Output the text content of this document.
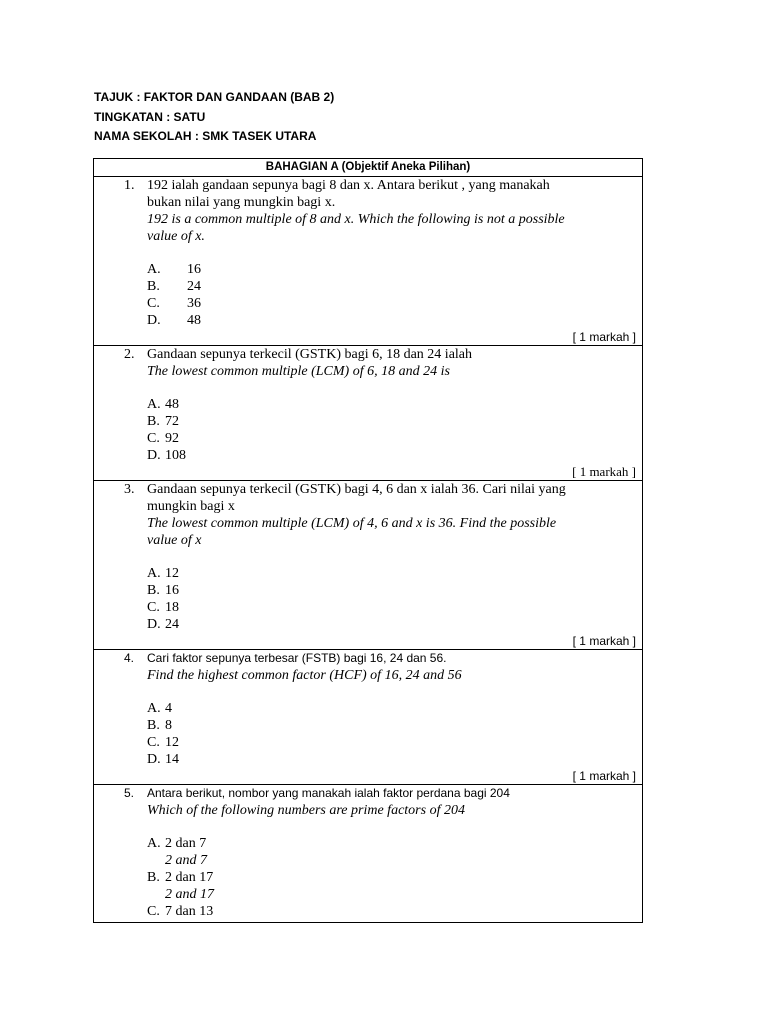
TAJUK : FAKTOR DAN GANDAAN (BAB 2)
TINGKATAN : SATU
NAMA SEKOLAH : SMK TASEK UTARA
BAHAGIAN A (Objektif Aneka Pilihan)
1. 192 ialah gandaan sepunya bagi 8 dan x. Antara berikut , yang manakah
bukan nilai yang mungkin bagi x.
192 is a common multiple of 8 and x. Which the following is not a possible
value of x.
A. 16
B. 24
C. 36
D. 48
[ 1 markah ]
2. Gandaan sepunya terkecil (GSTK) bagi 6, 18 dan 24 ialah
The lowest common multiple (LCM) of 6, 18 and 24 is
A. 48
B. 72
C. 92
D. 108
[ 1 markah ]
3. Gandaan sepunya terkecil (GSTK) bagi 4, 6 dan x ialah 36. Cari nilai yang
mungkin bagi x
The lowest common multiple (LCM) of 4, 6 and x is 36. Find the possible
value of x
A. 12
B. 16
C. 18
D. 24
[ 1 markah ]
4.	Cari faktor sepunya terbesar (FSTB) bagi 16, 24 dan 56.
Find the highest common factor (HCF) of 16, 24 and 56
A. 4
B. 8
C. 12
D. 14
[ 1 markah ]
5.	Antara berikut, nombor yang manakah ialah faktor perdana bagi 204
Which of the following numbers are prime factors of 204
A. 2 dan 7
2 and 7
B. 2 dan 17
2 and 17
C. 7 dan 13
